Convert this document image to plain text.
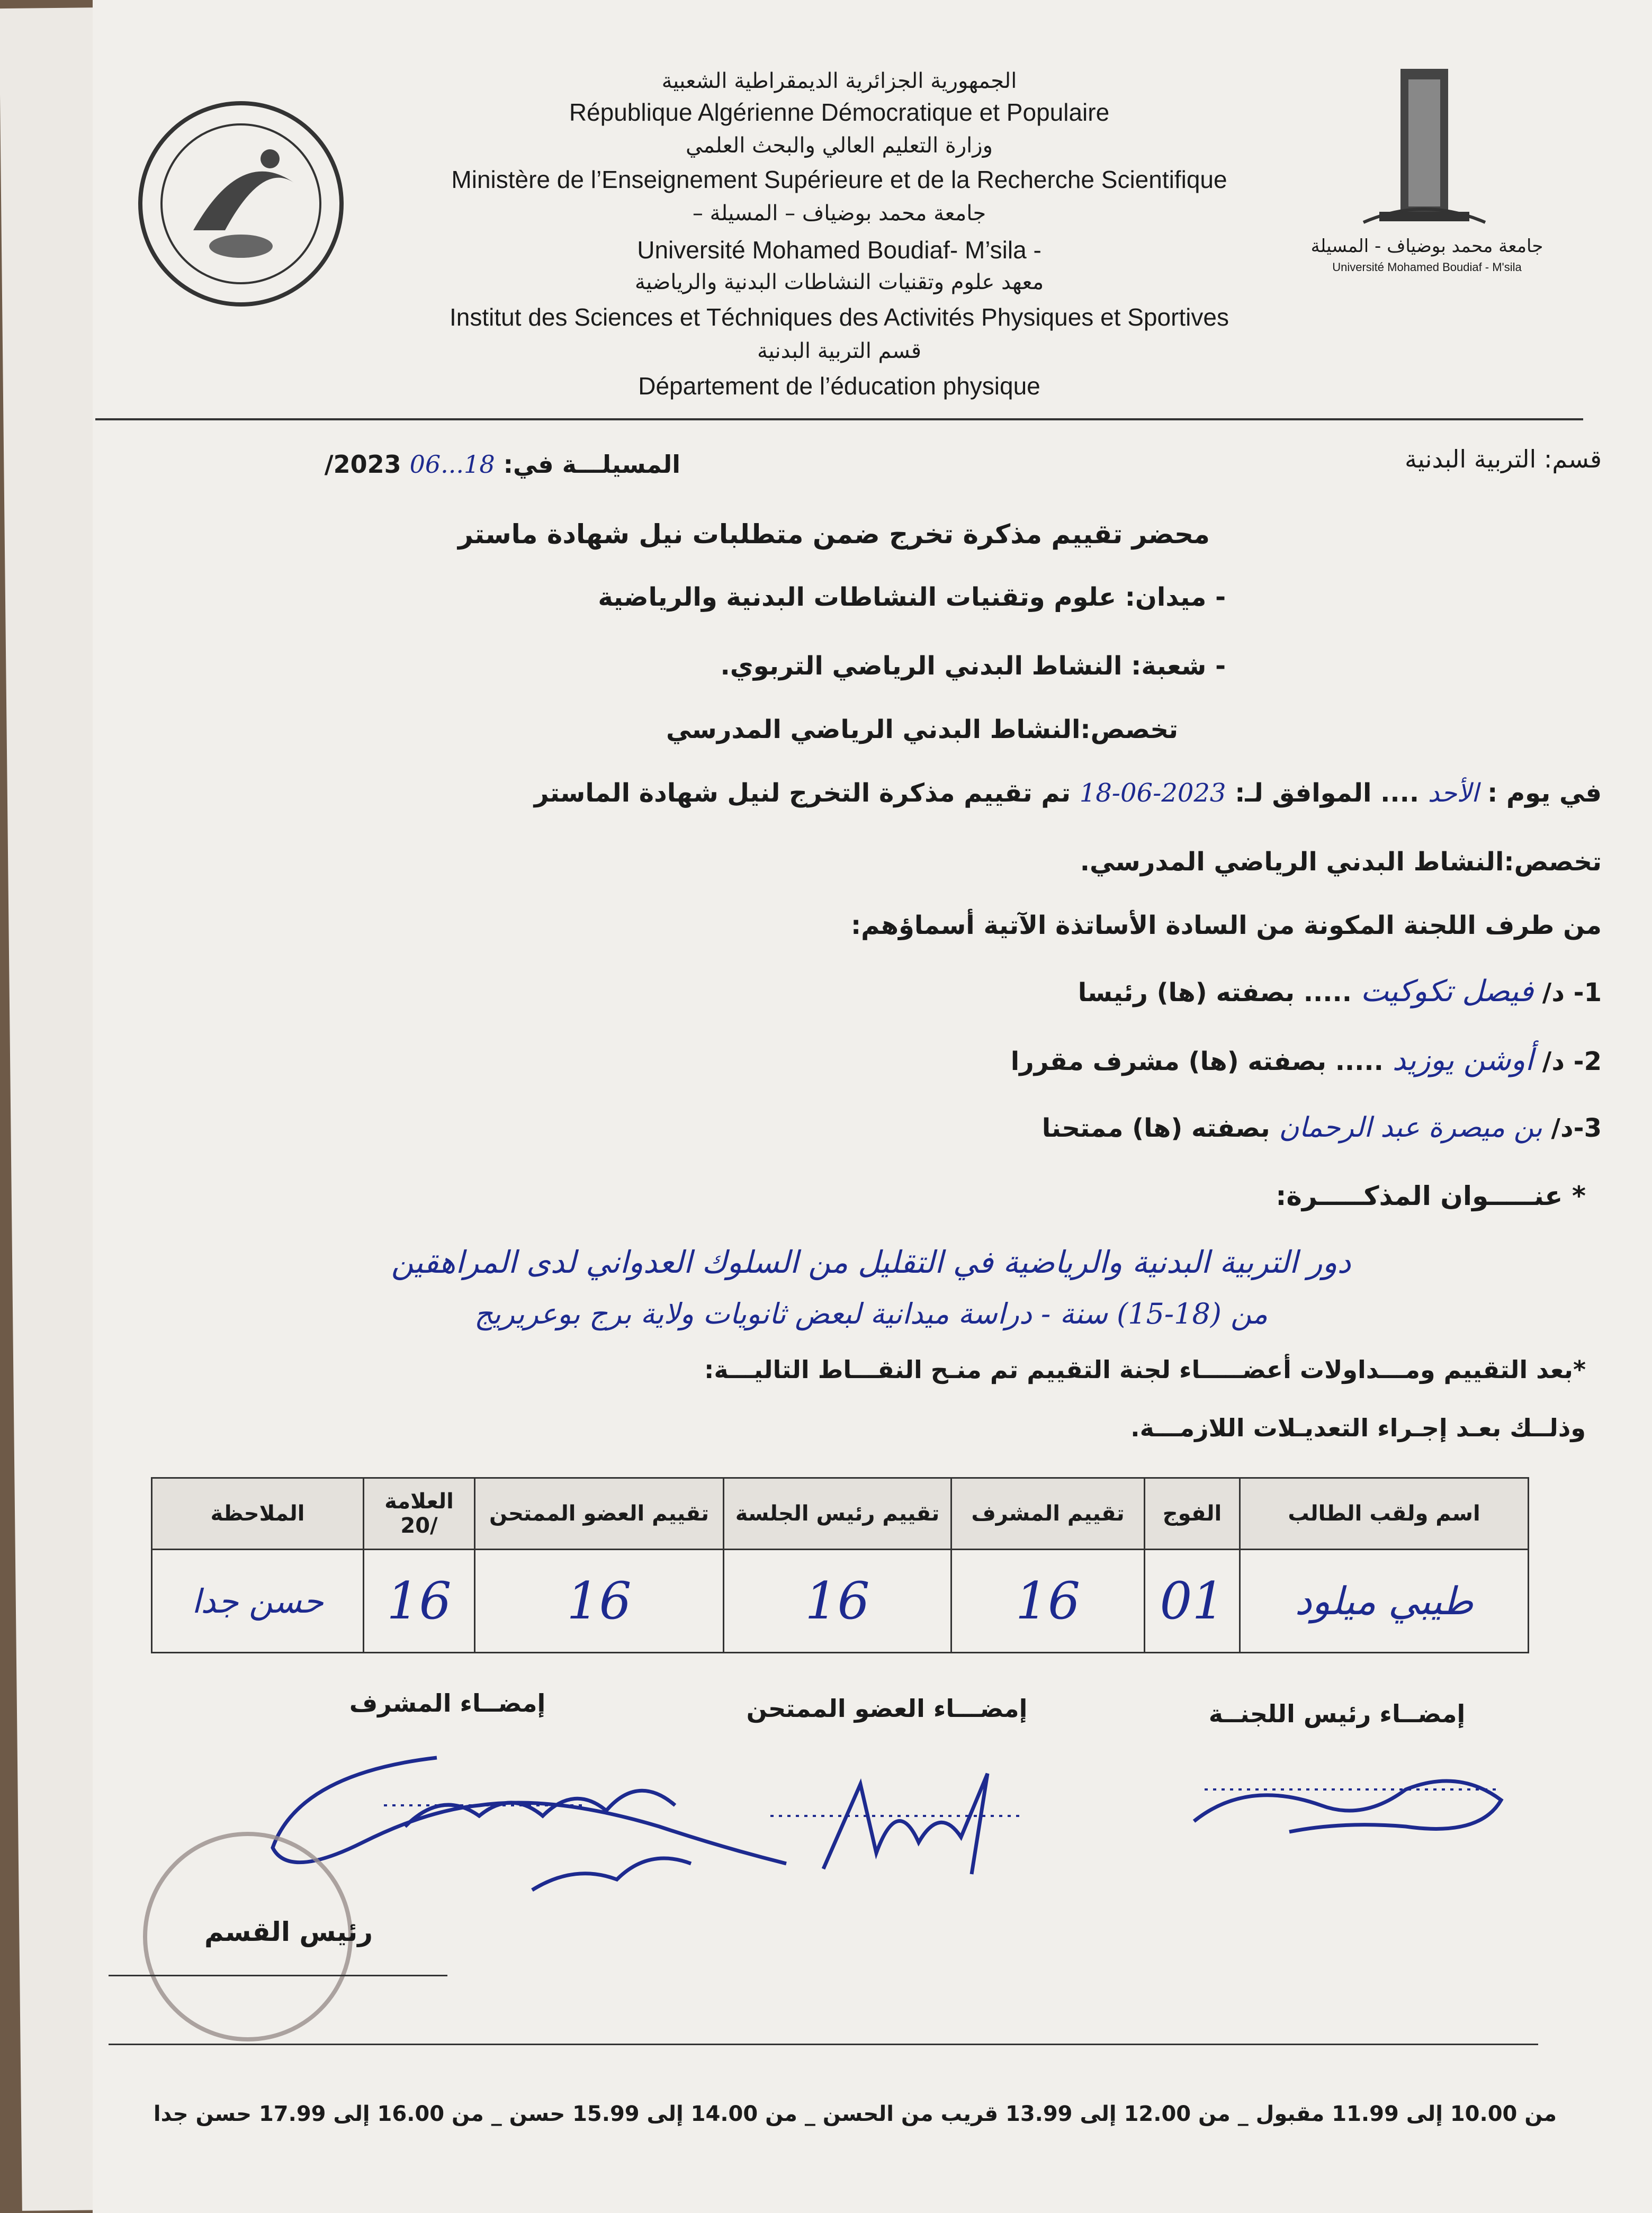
جامعة محمد بوضياف - المسيلة
Université Mohamed Boudiaf - M'sila
الجمهورية الجزائرية الديمقراطية الشعبية
République Algérienne Démocratique et Populaire
وزارة التعليم العالي والبحث العلمي
Ministère de l’Enseignement Supérieure et de la Recherche Scientifique
جامعة محمد بوضياف – المسيلة –
Université Mohamed Boudiaf- M’sila -
معهد علوم وتقنيات النشاطات البدنية والرياضية
Institut des Sciences et Téchniques des Activités Physiques et Sportives
قسم التربية البدنية
Département de l’éducation physique
قسم: التربية البدنية
المسيلـــة في: 18...06 2023/
محضر تقييم مذكرة تخرج ضمن متطلبات نيل شهادة ماستر
- ميدان: علوم وتقنيات النشاطات البدنية والرياضية
- شعبة: النشاط البدني الرياضي التربوي.
تخصص:النشاط البدني الرياضي المدرسي
في يوم : الأحد .... الموافق لـ: 2023-06-18 تم تقييم مذكرة التخرج لنيل شهادة الماستر
تخصص:النشاط البدني الرياضي المدرسي.
من طرف اللجنة المكونة من السادة الأساتذة الآتية أسماؤهم:
1- د/ فيصل تكوكيت ..... بصفته (ها) رئيسا
2- د/ أوشن يوزيد ..... بصفته (ها) مشرف مقررا
3-د/ بن ميصرة عبد الرحمان بصفته (ها) ممتحنا
* عنـــــوان المذكـــــرة:
دور التربية البدنية والرياضية في التقليل من السلوك العدواني لدى المراهقين
من (18-15) سنة - دراسة ميدانية لبعض ثانويات ولاية برج بوعريريج
*بعد التقييم ومـــداولات أعضـــــاء لجنة التقييم تم منـح النقـــاط التاليـــة:
وذلــك بعـد إجـراء التعديـلات اللازمـــة.
اسم ولقب الطالب	الفوج	تقييم المشرف	تقييم رئيس الجلسة	تقييم العضو الممتحن	العلامة /20	الملاحظة
طيبي ميلود	01	16	16	16	16	حسن جدا
إمضــاء رئيس اللجنــة
إمضـــاء العضو الممتحن
إمضــاء المشرف
رئيس القسم
من 10.00 إلى 11.99 مقبول _ من 12.00 إلى 13.99 قريب من الحسن _ من 14.00 إلى 15.99 حسن _ من 16.00 إلى 17.99 حسن جدا
